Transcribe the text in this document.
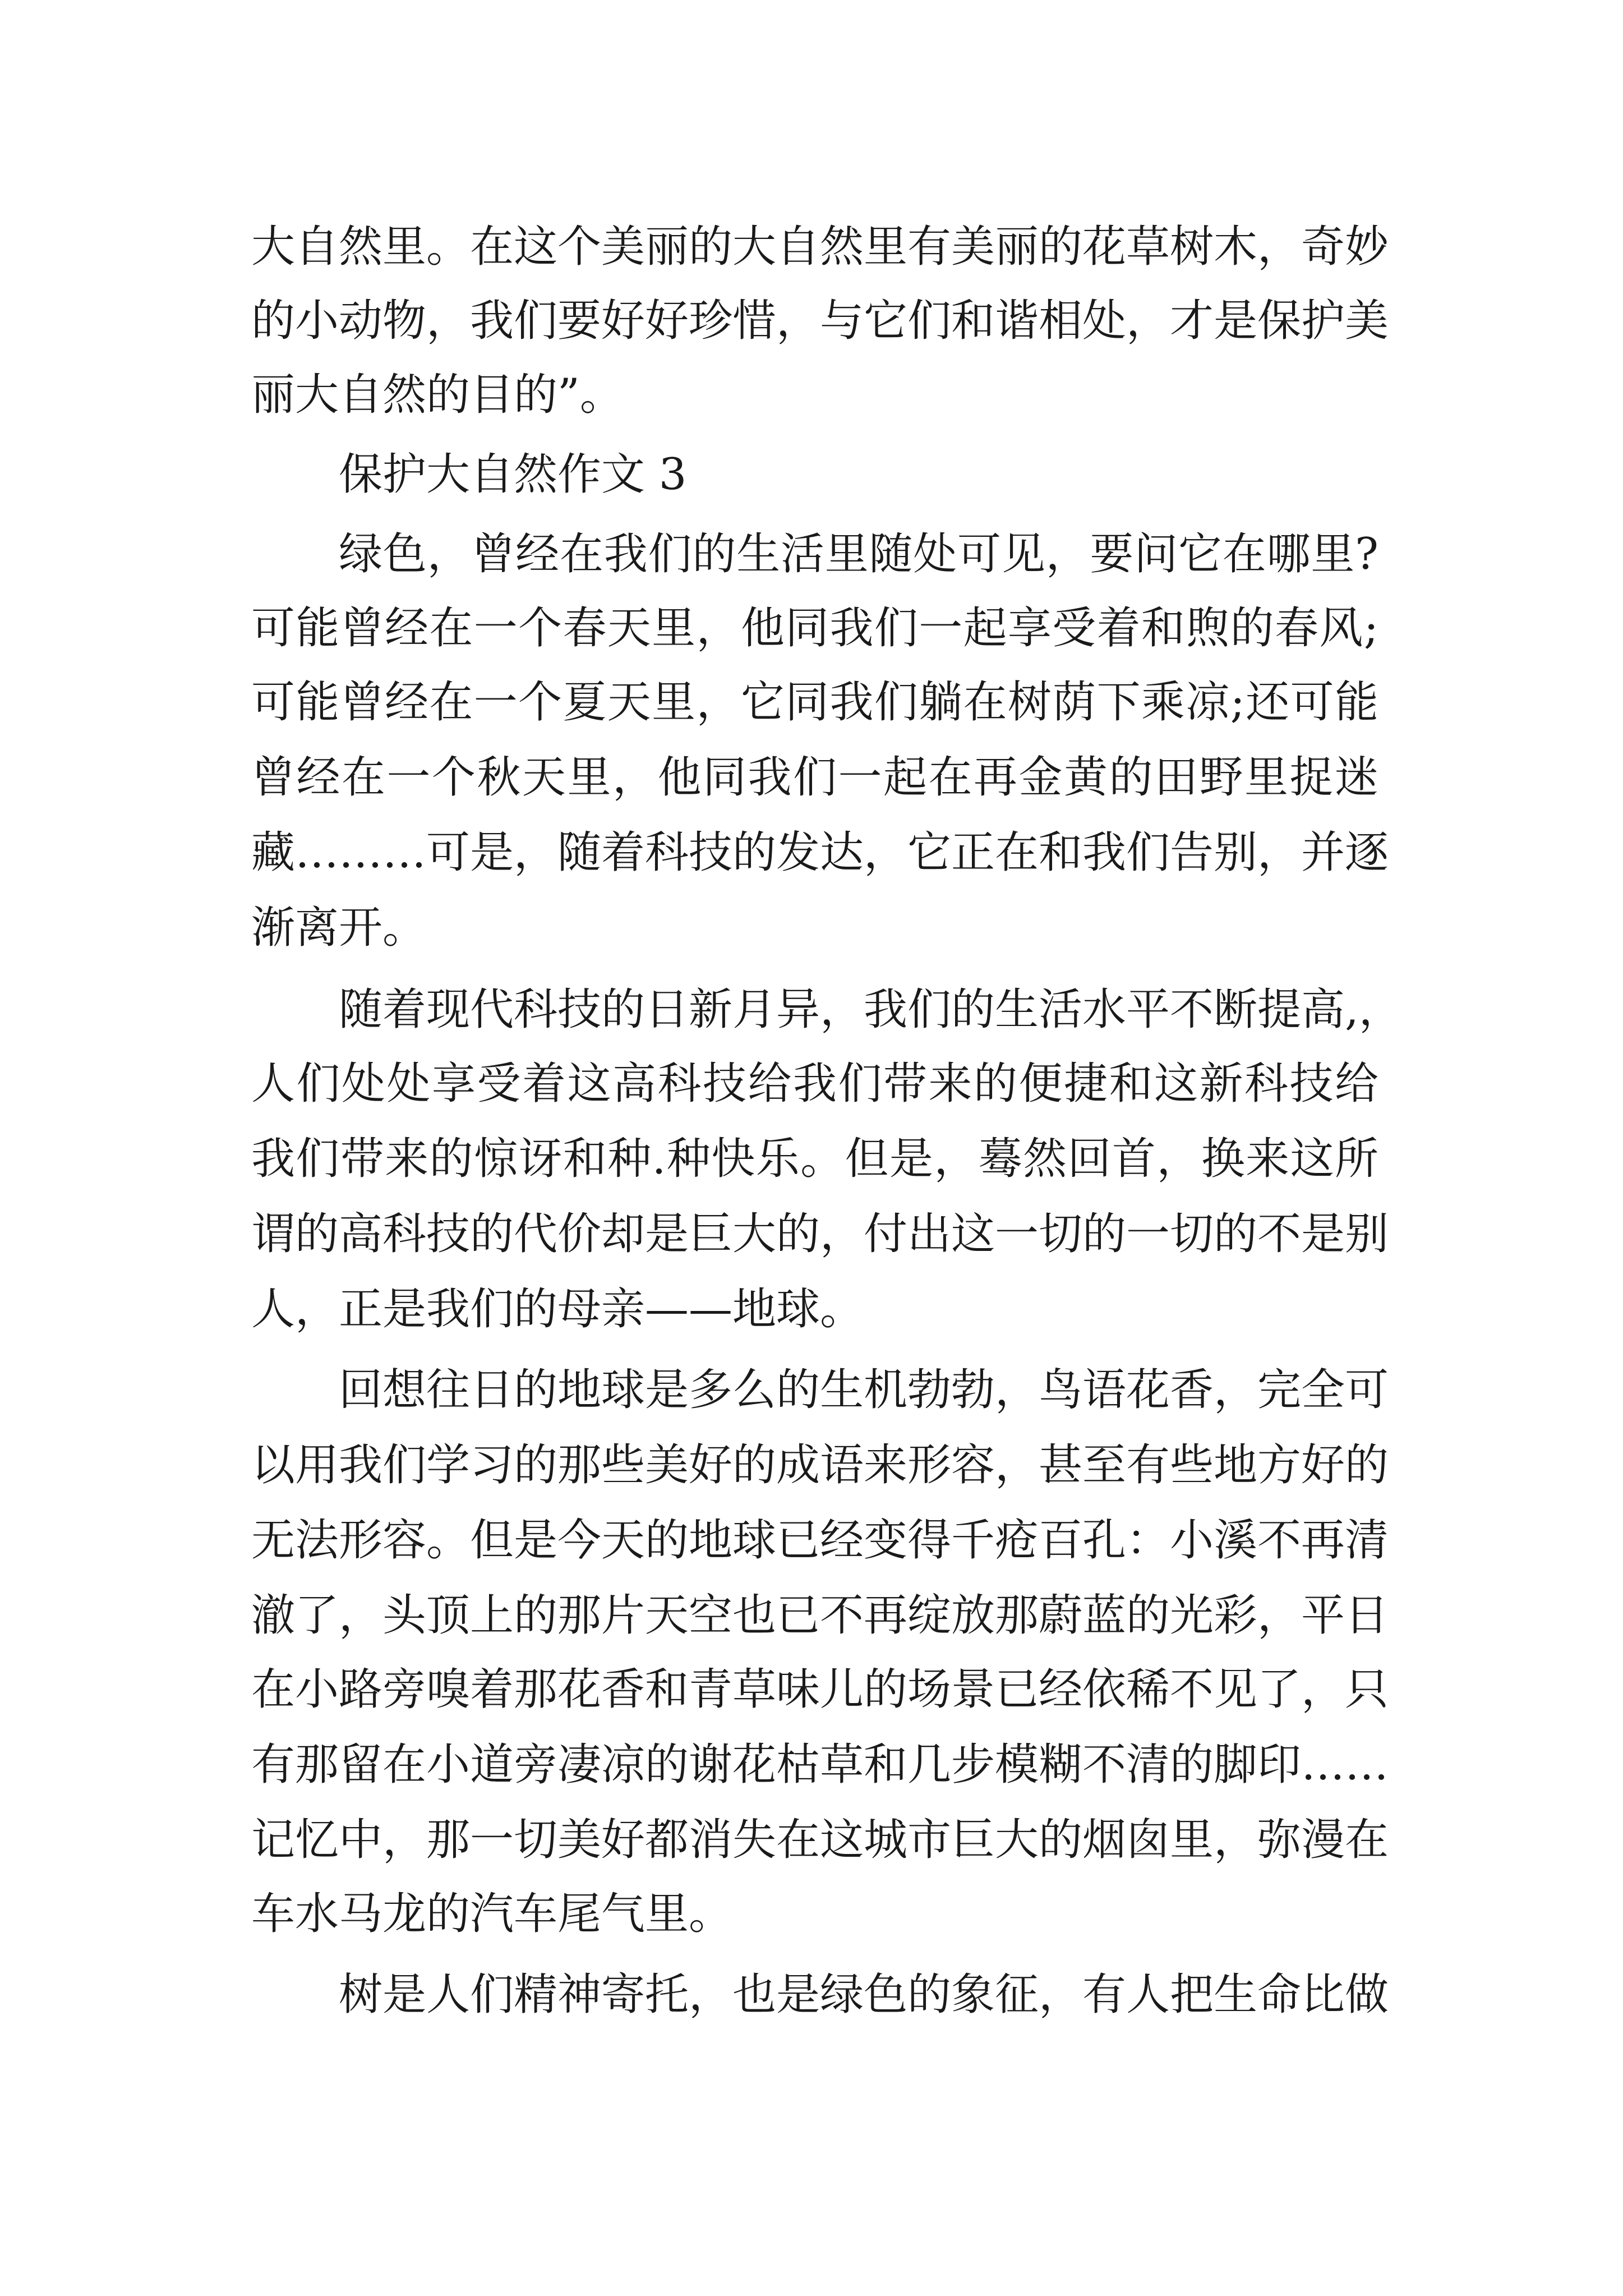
大自然里。在这个美丽的大自然里有美丽的花草树木，奇妙
的小动物，我们要好好珍惜，与它们和谐相处，才是保护美
丽大自然的目的”。
保护大自然作文 3
绿色，曾经在我们的生活里随处可见，要问它在哪里?
可能曾经在一个春天里，他同我们一起享受着和煦的春风;
可能曾经在一个夏天里，它同我们躺在树荫下乘凉;还可能
曾经在一个秋天里，他同我们一起在再金黄的田野里捉迷
藏………可是，随着科技的发达，它正在和我们告别，并逐
渐离开。
随着现代科技的日新月异，我们的生活水平不断提高,，
人们处处享受着这高科技给我们带来的便捷和这新科技给
我们带来的惊讶和种.种快乐。但是，蓦然回首，换来这所
谓的高科技的代价却是巨大的，付出这一切的一切的不是别
人，正是我们的母亲——地球。
回想往日的地球是多么的生机勃勃，鸟语花香，完全可
以用我们学习的那些美好的成语来形容，甚至有些地方好的
无法形容。但是今天的地球已经变得千疮百孔：小溪不再清
澈了，头顶上的那片天空也已不再绽放那蔚蓝的光彩，平日
在小路旁嗅着那花香和青草味儿的场景已经依稀不见了，只
有那留在小道旁凄凉的谢花枯草和几步模糊不清的脚印……
记忆中，那一切美好都消失在这城市巨大的烟囱里，弥漫在
车水马龙的汽车尾气里。
树是人们精神寄托，也是绿色的象征，有人把生命比做
